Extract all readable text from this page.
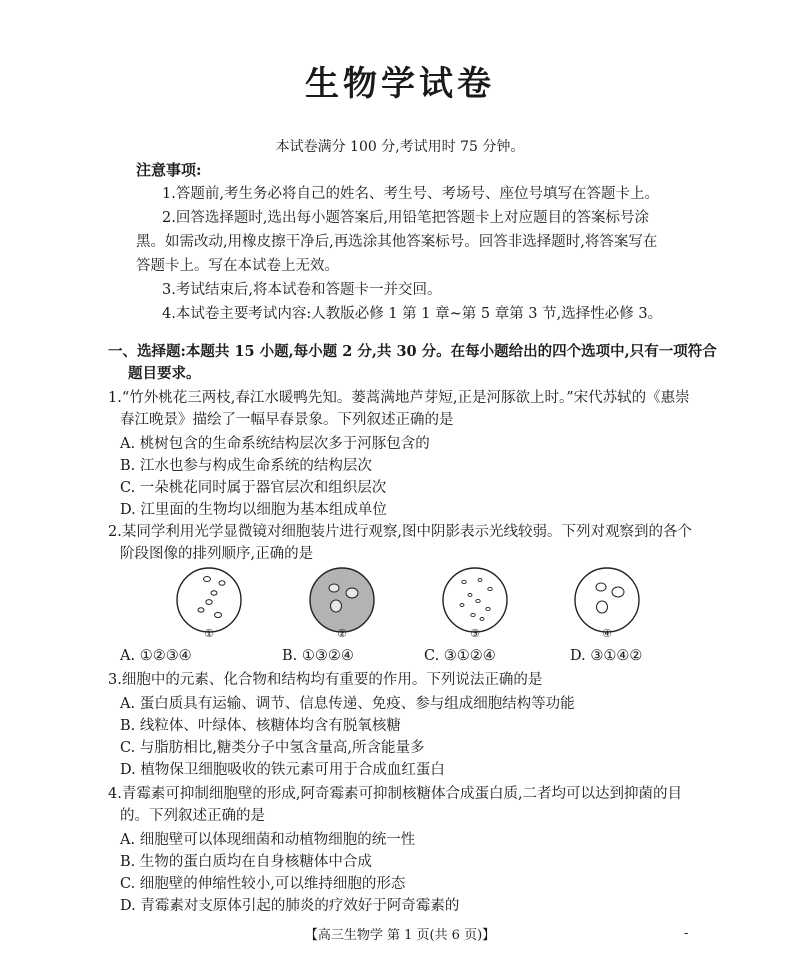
生物学试卷
本试卷满分 100 分,考试用时 75 分钟。
注意事项:
1.答题前,考生务必将自己的姓名、考生号、考场号、座位号填写在答题卡上。
2.回答选择题时,选出每小题答案后,用铅笔把答题卡上对应题目的答案标号涂
黑。如需改动,用橡皮擦干净后,再选涂其他答案标号。回答非选择题时,将答案写在
答题卡上。写在本试卷上无效。
3.考试结束后,将本试卷和答题卡一并交回。
4.本试卷主要考试内容:人教版必修 1 第 1 章~第 5 章第 3 节,选择性必修 3。
一、选择题:本题共 15 小题,每小题 2 分,共 30 分。在每小题给出的四个选项中,只有一项符合
题目要求。
1.“竹外桃花三两枝,春江水暖鸭先知。蒌蒿满地芦芽短,正是河豚欲上时。”宋代苏轼的《惠崇
春江晚景》描绘了一幅早春景象。下列叙述正确的是
A. 桃树包含的生命系统结构层次多于河豚包含的
B. 江水也参与构成生命系统的结构层次
C. 一朵桃花同时属于器官层次和组织层次
D. 江里面的生物均以细胞为基本组成单位
2.某同学利用光学显微镜对细胞装片进行观察,图中阴影表示光线较弱。下列对观察到的各个
阶段图像的排列顺序,正确的是
①	②	③	④
A. ①②③④	B. ①③②④	C. ③①②④	D. ③①④②
3.细胞中的元素、化合物和结构均有重要的作用。下列说法正确的是
A. 蛋白质具有运输、调节、信息传递、免疫、参与组成细胞结构等功能
B. 线粒体、叶绿体、核糖体均含有脱氧核糖
C. 与脂肪相比,糖类分子中氢含量高,所含能量多
D. 植物保卫细胞吸收的铁元素可用于合成血红蛋白
4.青霉素可抑制细胞壁的形成,阿奇霉素可抑制核糖体合成蛋白质,二者均可以达到抑菌的目
的。下列叙述正确的是
A. 细胞壁可以体现细菌和动植物细胞的统一性
B. 生物的蛋白质均在自身核糖体中合成
C. 细胞壁的伸缩性较小,可以维持细胞的形态
D. 青霉素对支原体引起的肺炎的疗效好于阿奇霉素的
【高三生物学 第 1 页(共 6 页)】	-
